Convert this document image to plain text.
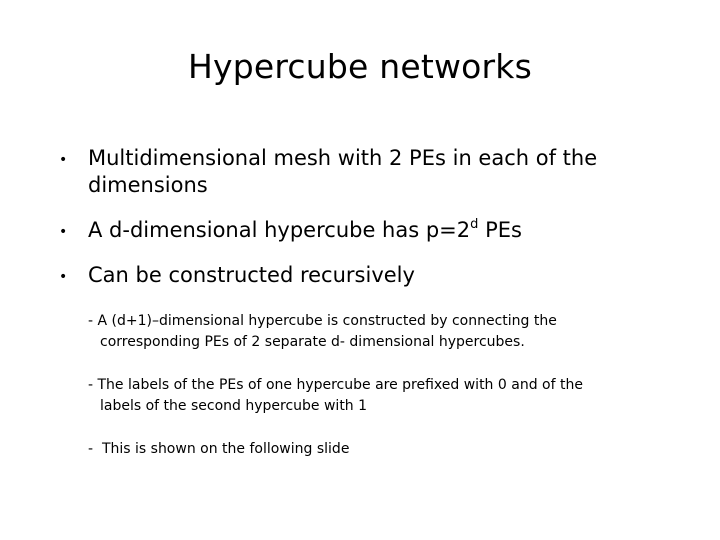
Hypercube networks
• Multidimensional mesh with 2 PEs in each of the
dimensions
• A d-dimensional hypercube has $p=2^d$ PEs
• Can be constructed recursively
- A (d+1)–dimensional hypercube is constructed by connecting the
corresponding PEs of 2 separate d- dimensional hypercubes.
- The labels of the PEs of one hypercube are prefixed with 0 and of the
labels of the second hypercube with 1
-  This is shown on the following slide
